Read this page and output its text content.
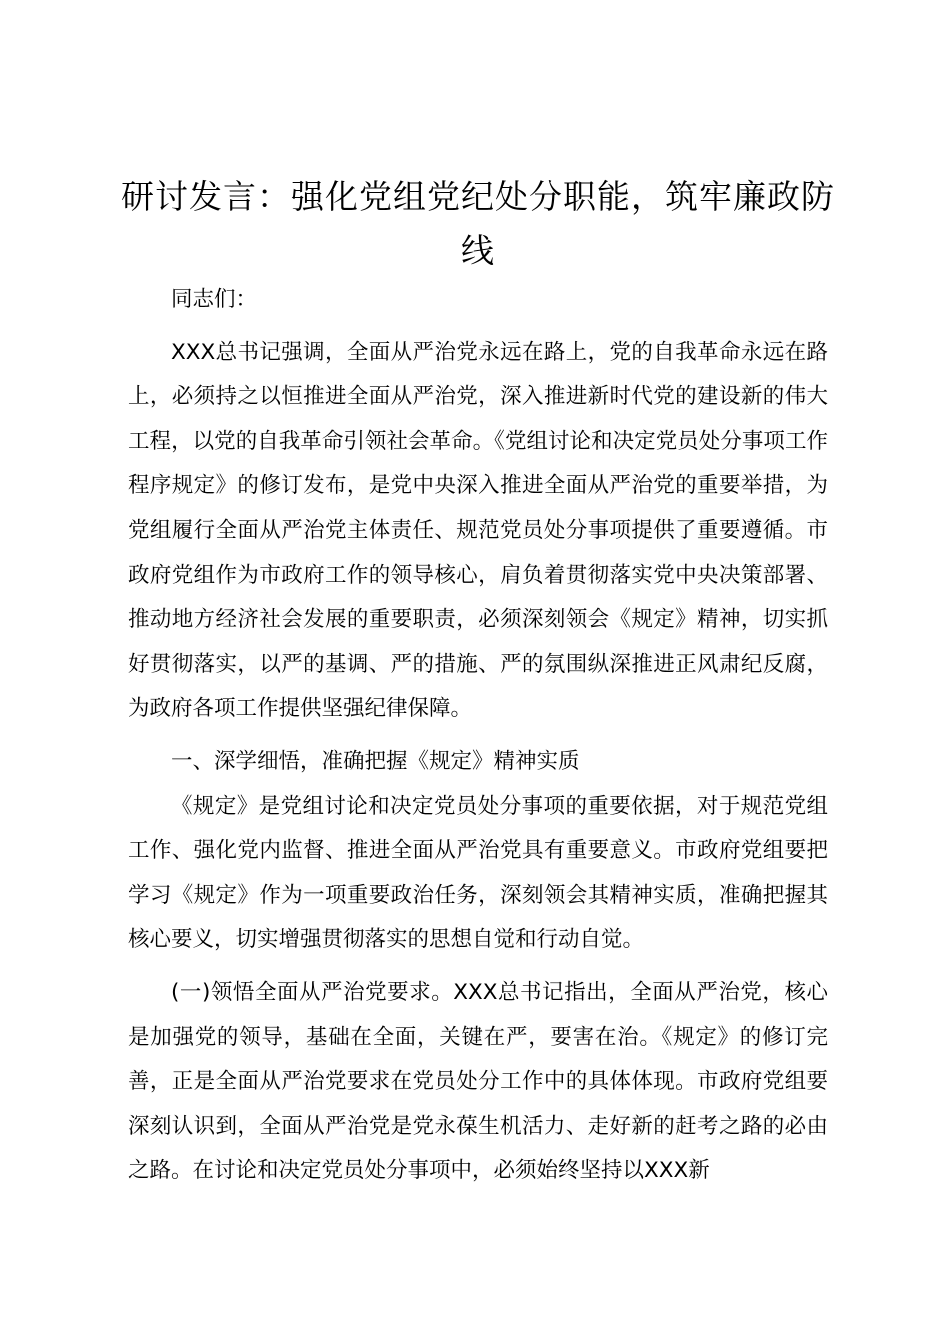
研讨发言：强化党组党纪处分职能，筑牢廉政防线

同志们：

XXX总书记强调，全面从严治党永远在路上，党的自我革命永远在路上，必须持之以恒推进全面从严治党，深入推进新时代党的建设新的伟大工程，以党的自我革命引领社会革命。《党组讨论和决定党员处分事项工作程序规定》的修订发布，是党中央深入推进全面从严治党的重要举措，为党组履行全面从严治党主体责任、规范党员处分事项提供了重要遵循。市政府党组作为市政府工作的领导核心，肩负着贯彻落实党中央决策部署、推动地方经济社会发展的重要职责，必须深刻领会《规定》精神，切实抓好贯彻落实，以严的基调、严的措施、严的氛围纵深推进正风肃纪反腐，为政府各项工作提供坚强纪律保障。

一、深学细悟，准确把握《规定》精神实质

《规定》是党组讨论和决定党员处分事项的重要依据，对于规范党组工作、强化党内监督、推进全面从严治党具有重要意义。市政府党组要把学习《规定》作为一项重要政治任务，深刻领会其精神实质，准确把握其核心要义，切实增强贯彻落实的思想自觉和行动自觉。

(一)领悟全面从严治党要求。XXX总书记指出，全面从严治党，核心是加强党的领导，基础在全面，关键在严，要害在治。《规定》的修订完善，正是全面从严治党要求在党员处分工作中的具体体现。市政府党组要深刻认识到，全面从严治党是党永葆生机活力、走好新的赶考之路的必由之路。在讨论和决定党员处分事项中，必须始终坚持以XXX新
